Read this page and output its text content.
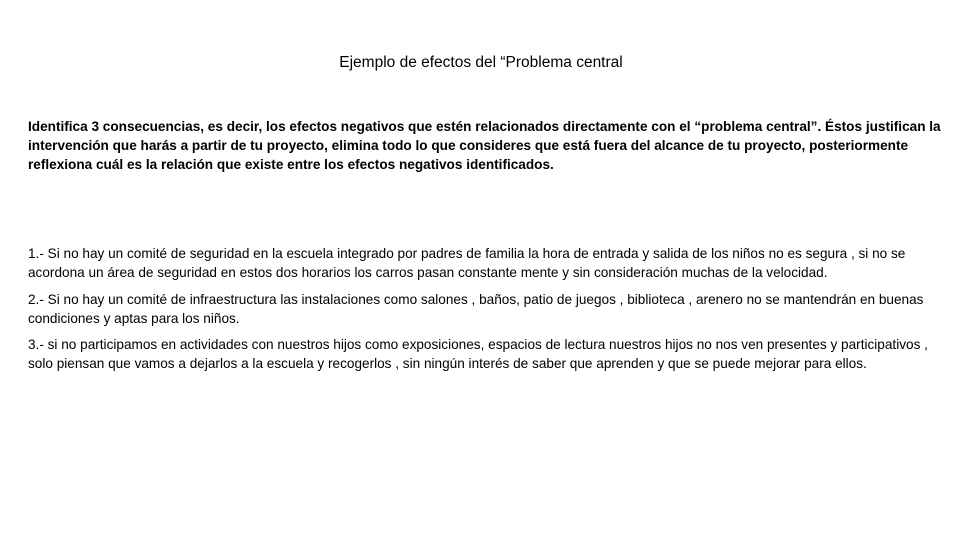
Ejemplo de efectos del “Problema central

Identifica 3 consecuencias, es decir, los efectos negativos que estén relacionados directamente con el “problema central”. Éstos justifican la intervención que harás a partir de tu proyecto, elimina todo lo que consideres que está fuera del alcance de tu proyecto, posteriormente reflexiona cuál es la relación que existe entre los efectos negativos identificados.

1.- Si no hay un comité de seguridad en la escuela integrado por padres de familia la hora de entrada y salida de los niños no es segura , si no se acordona un área de seguridad en estos dos horarios los carros pasan constante mente y sin consideración muchas de la velocidad.
2.- Si no hay un comité de infraestructura las instalaciones como salones , baños, patio de juegos , biblioteca , arenero no se mantendrán en buenas condiciones y aptas para los niños.
3.- si no participamos en actividades con nuestros hijos como exposiciones, espacios de lectura nuestros hijos no nos ven presentes y participativos , solo piensan que vamos a dejarlos a la escuela y recogerlos , sin ningún interés de saber que aprenden y que se puede mejorar para ellos.
